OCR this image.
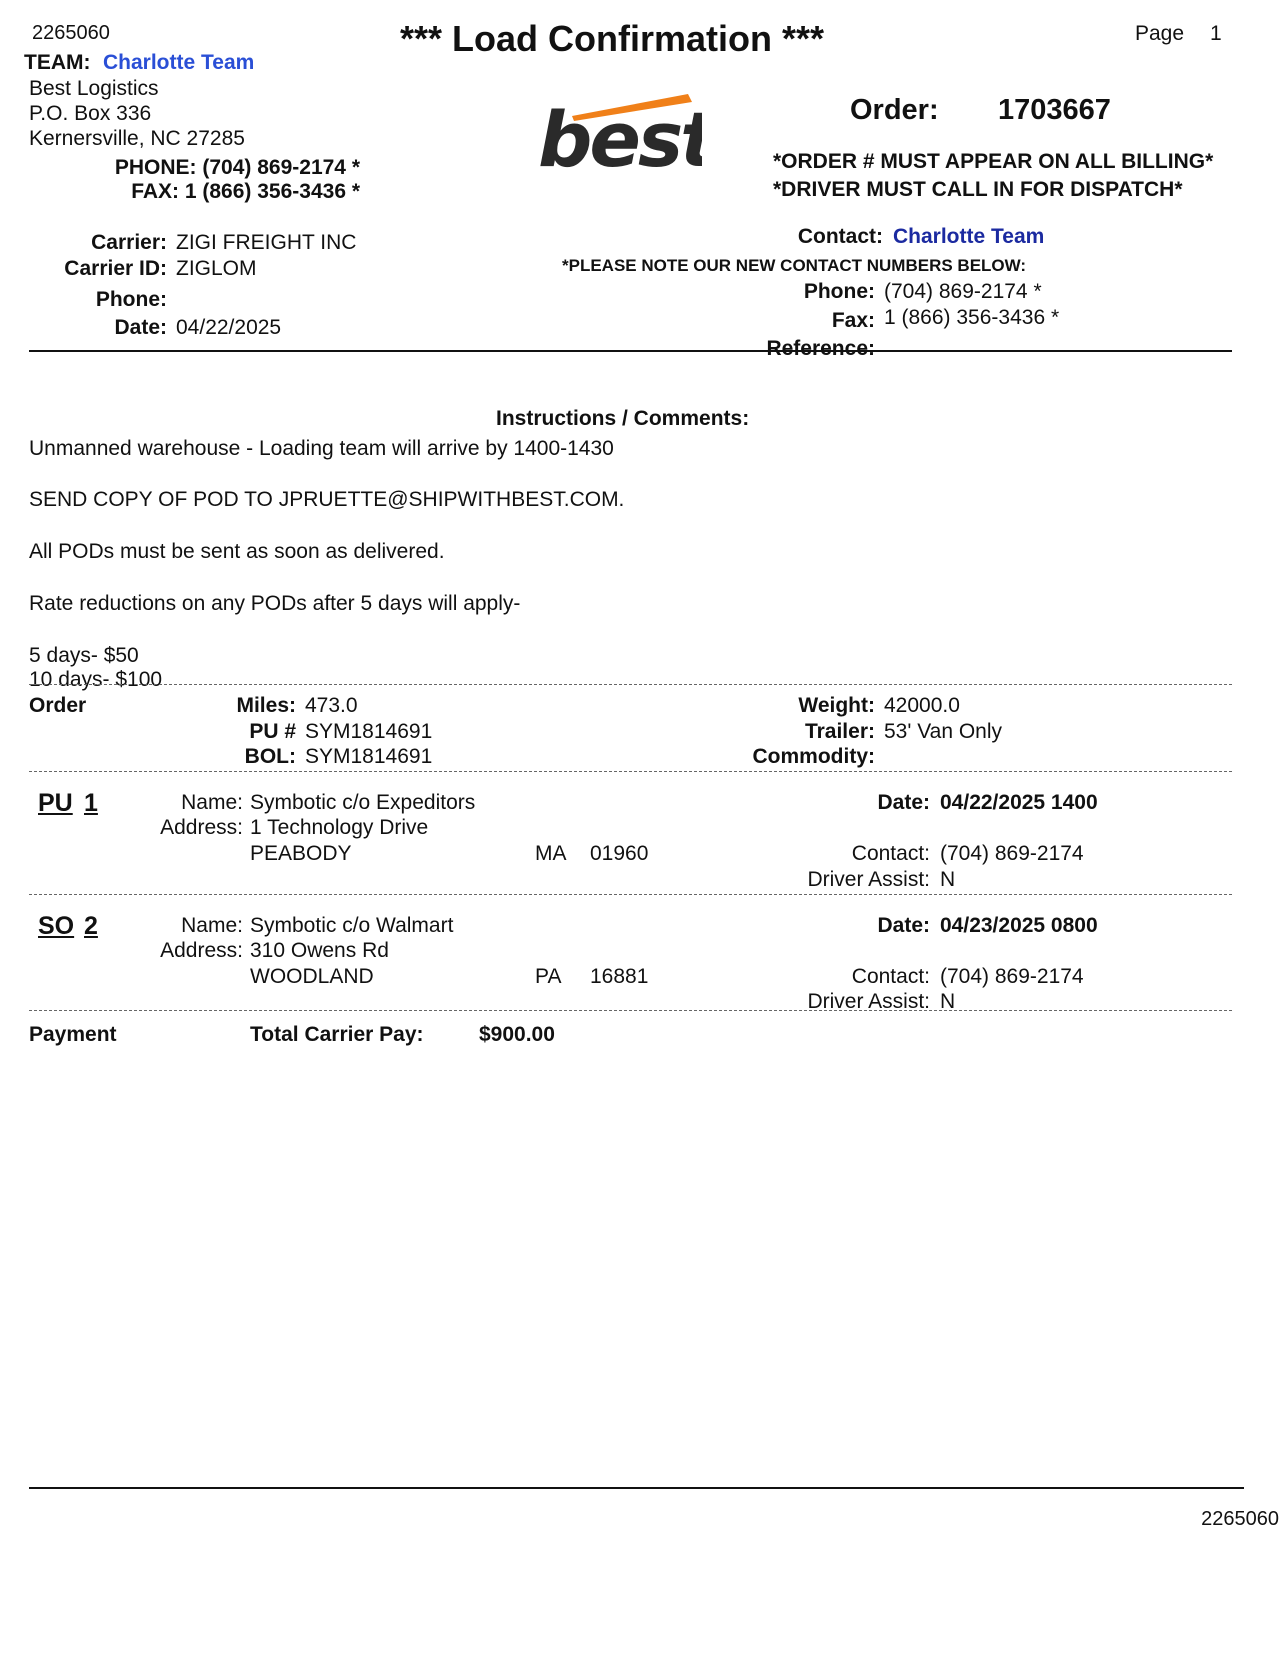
2265060	*** Load Confirmation ***	Page 1
TEAM: Charlotte Team
Best Logistics
P.O. Box 336
Kernersville, NC 27285
PHONE: (704) 869-2174 *
FAX: 1 (866) 356-3436 *
best	Order: 1703667
*ORDER # MUST APPEAR ON ALL BILLING*
*DRIVER MUST CALL IN FOR DISPATCH*
Carrier: ZIGI FREIGHT INC
Carrier ID: ZIGLOM
Phone:
Date: 04/22/2025
Contact: Charlotte Team
*PLEASE NOTE OUR NEW CONTACT NUMBERS BELOW:
Phone: (704) 869-2174 *
Fax: 1 (866) 356-3436 *
Reference:
Instructions / Comments:
Unmanned warehouse - Loading team will arrive by 1400-1430
SEND COPY OF POD TO JPRUETTE@SHIPWITHBEST.COM.
All PODs must be sent as soon as delivered.
Rate reductions on any PODs after 5 days will apply-
5 days- $50
10 days- $100
Order	Miles: 473.0
PU # SYM1814691
BOL: SYM1814691
Weight: 42000.0
Trailer: 53' Van Only
Commodity:
PU 1	Name: Symbotic c/o Expeditors
Address: 1 Technology Drive
PEABODY	MA 01960
Date: 04/22/2025 1400
Contact: (704) 869-2174
Driver Assist: N
SO 2	Name: Symbotic c/o Walmart
Address: 310 Owens Rd
WOODLAND	PA 16881
Date: 04/23/2025 0800
Contact: (704) 869-2174
Driver Assist: N
Payment	Total Carrier Pay:	$900.00
2265060
